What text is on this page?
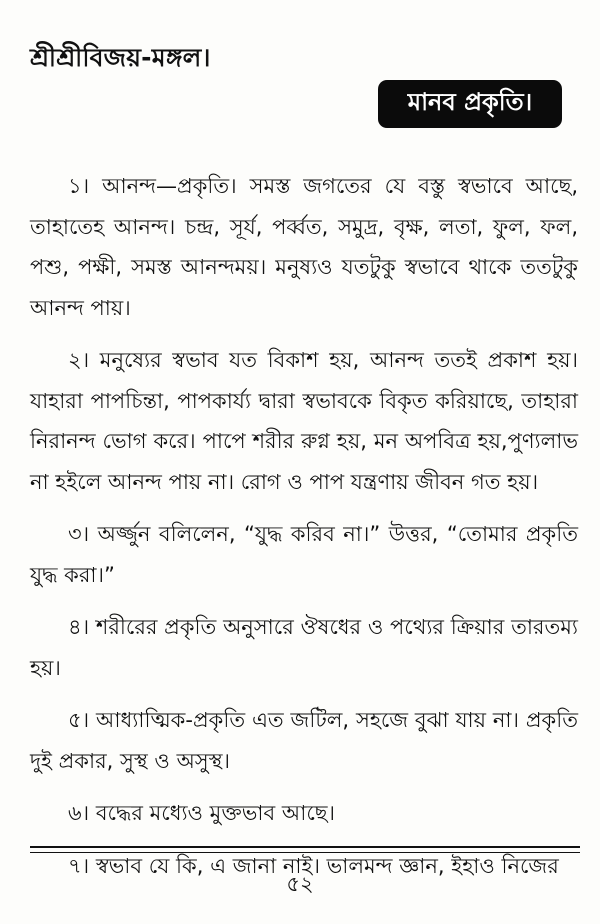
শ্রীশ্রীবিজয়-মঙ্গল।
মানব প্রকৃতি।

১। আনন্দ—প্রকৃতি। সমস্ত জগতের যে বস্তু স্বভাবে আছে, তাহাতেহ আনন্দ। চন্দ্র, সূর্য, পর্ব্বত, সমুদ্র, বৃক্ষ, লতা, ফুল, ফল, পশু, পক্ষী, সমস্ত আনন্দময়। মনুষ্যও যতটুকু স্বভাবে থাকে ততটুকু আনন্দ পায়।

২। মনুষ্যের স্বভাব যত বিকাশ হয়, আনন্দ ততই প্রকাশ হয়। যাহারা পাপচিন্তা, পাপকার্য্য দ্বারা স্বভাবকে বিকৃত করিয়াছে, তাহারা নিরানন্দ ভোগ করে। পাপে শরীর রুগ্ন হয়, মন অপবিত্র হয়,পুণ্যলাভ না হইলে আনন্দ পায় না। রোগ ও পাপ যন্ত্রণায় জীবন গত হয়।

৩। অর্জ্জুন বলিলেন, “যুদ্ধ করিব না।” উত্তর, “তোমার প্রকৃতি যুদ্ধ করা।”

৪। শরীরের প্রকৃতি অনুসারে ঔষধের ও পথ্যের ক্রিয়ার তারতম্য হয়।

৫। আধ্যাত্মিক-প্রকৃতি এত জটিল, সহজে বুঝা যায় না। প্রকৃতি দুই প্রকার, সুস্থ ও অসুস্থ।

৬। বদ্ধের মধ্যেও মুক্তভাব আছে।

৭। স্বভাব যে কি, এ জানা নাই। ভালমন্দ জ্ঞান, ইহাও নিজের

৫২
